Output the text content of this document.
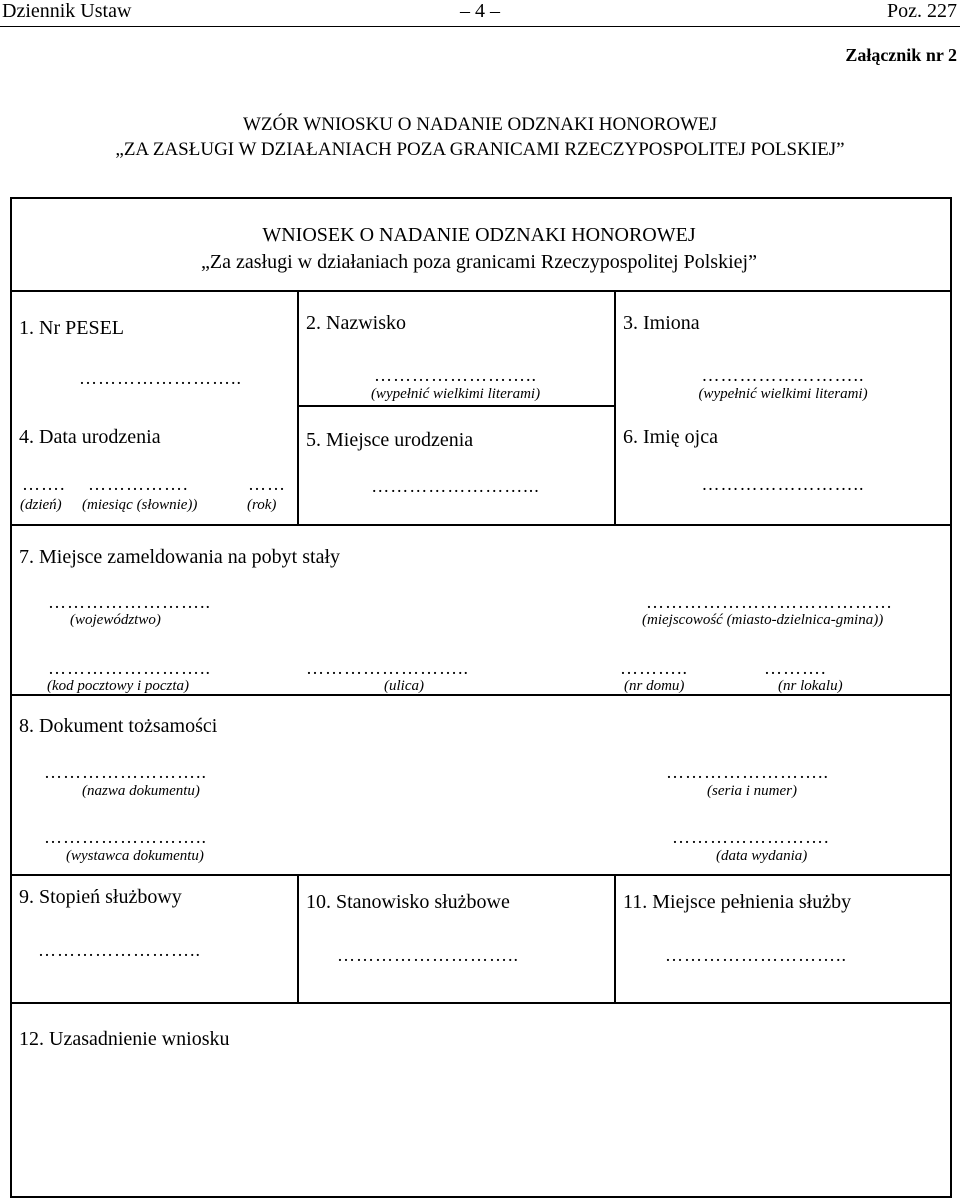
Dziennik Ustaw	– 4 –	Poz. 227
Załącznik nr 2
WZÓR WNIOSKU O NADANIE ODZNAKI HONOROWEJ
„ZA ZASŁUGI W DZIAŁANIACH POZA GRANICAMI RZECZYPOSPOLITEJ POLSKIEJ”
WNIOSEK O NADANIE ODZNAKI HONOROWEJ
„Za zasługi w działaniach poza granicami Rzeczypospolitej Polskiej”
1. Nr PESEL
……………………..
2. Nazwisko
……………………..
(wypełnić wielkimi literami)
3. Imiona
……………………..
(wypełnić wielkimi literami)
4. Data urodzenia
……. …………….	……
(dzień) (miesiąc (słownie))	(rok)
5. Miejsce urodzenia
……………………...
6. Imię ojca
……………………..
7. Miejsce zameldowania na pobyt stały
……………………..
(województwo)
…………………………………
(miejscowość (miasto-dzielnica-gmina))
……………………..
(kod pocztowy i poczta)
……………………..
(ulica)
………..
(nr domu)
……….
(nr lokalu)
8. Dokument tożsamości
……………………..
(nazwa dokumentu)
……………………..
(seria i numer)
……………………..
(wystawca dokumentu)
…………………….
(data wydania)
9. Stopień służbowy
……………………..
10. Stanowisko służbowe
………………………..
11. Miejsce pełnienia służby
………………………..
12. Uzasadnienie wniosku
